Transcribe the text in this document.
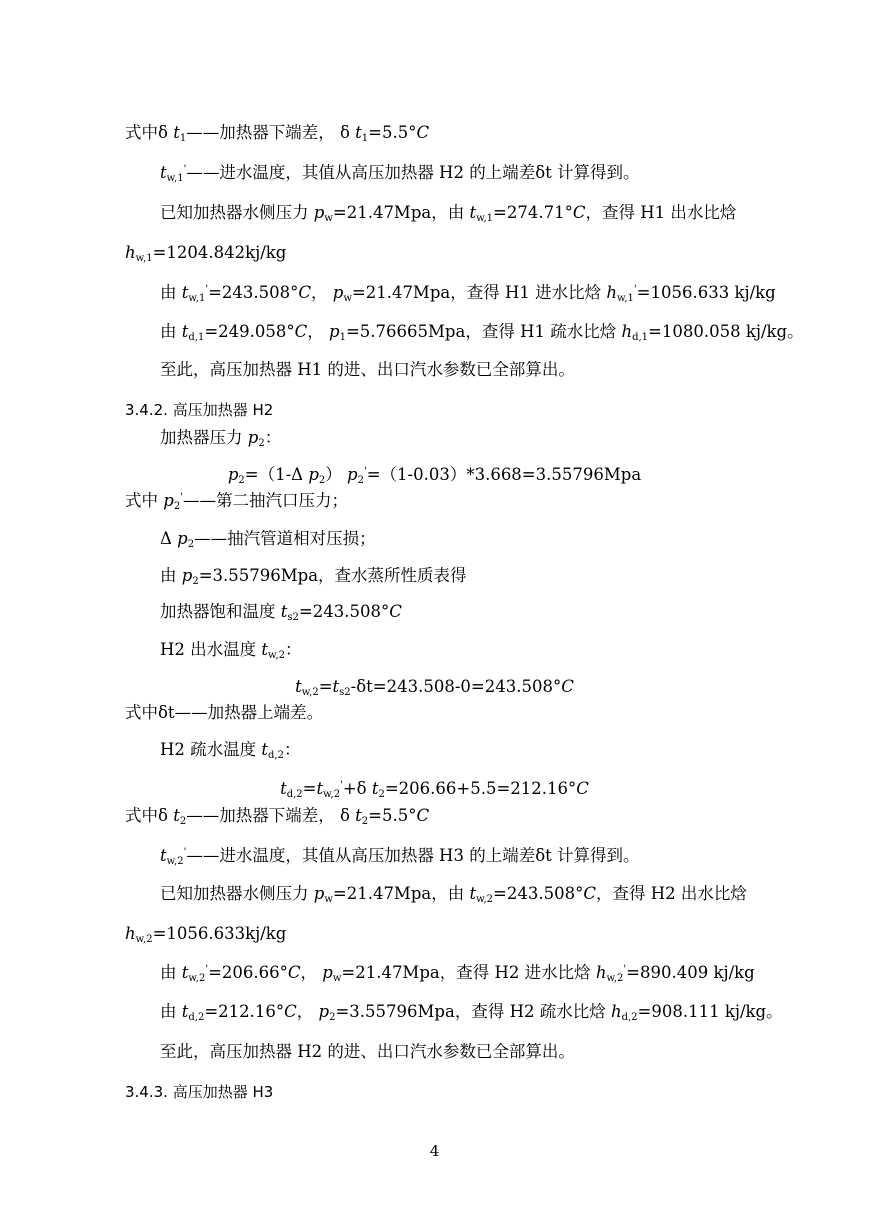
式中δ $t_1——$加热器下端差， δ $t_1=5.5^\circ C$
$t_{w,1}'——$进水温度，其值从高压加热器 H2 的上端差δt 计算得到。
已知加热器水侧压力 $p_w=21.47Mpa$，由 $t_{w,1}=274.71^\circ C$，查得 H1 出水比焓
$h_{w,1}=1204.842kj/kg$
由 $t_{w,1}'=243.508^\circ C$， $p_w=21.47Mpa$，查得 H1 进水比焓 $h_{w,1}'=1056.633$ kj/kg
由 $t_{d,1}=249.058^\circ C$， $p_1=5.76665Mpa$，查得 H1 疏水比焓 $h_{d,1}=1080.058$ kj/kg。
至此，高压加热器 H1 的进、出口汽水参数已全部算出。
3.4.2. 高压加热器 H2
加热器压力 $p_2$：
$p_2=(1-\Delta$ $p_2$） $p_2'=(1-0.03)*3.668=3.55796Mpa$
式中 $p_2'——$第二抽汽口压力；
Δ $p_2——$抽汽管道相对压损；
由 $p_2=3.55796Mpa$，查水蒸所性质表得
加热器饱和温度 $t_{s2}=243.508^\circ C$
H2 出水温度 $t_{w,2}$：
$t_{w,2}=t_{s2}-\delta t=243.508-0=243.508^\circ C$
式中δt——加热器上端差。
H2 疏水温度 $t_{d,2}$：
$t_{d,2}=t_{w,2}'+\delta$ $t_2=206.66+5.5=212.16^\circ C$
式中δ $t_2——$加热器下端差， δ $t_2=5.5^\circ C$
$t_{w,2}'——$进水温度，其值从高压加热器 H3 的上端差δt 计算得到。
已知加热器水侧压力 $p_w=21.47Mpa$，由 $t_{w,2}=243.508^\circ C$，查得 H2 出水比焓
$h_{w,2}=1056.633kj/kg$
由 $t_{w,2}'=206.66^\circ C$， $p_w=21.47Mpa$，查得 H2 进水比焓 $h_{w,2}'=890.409$ kj/kg
由 $t_{d,2}=212.16^\circ C$， $p_2=3.55796Mpa$，查得 H2 疏水比焓 $h_{d,2}=908.111$ kj/kg。
至此，高压加热器 H2 的进、出口汽水参数已全部算出。
3.4.3. 高压加热器 H3
4
